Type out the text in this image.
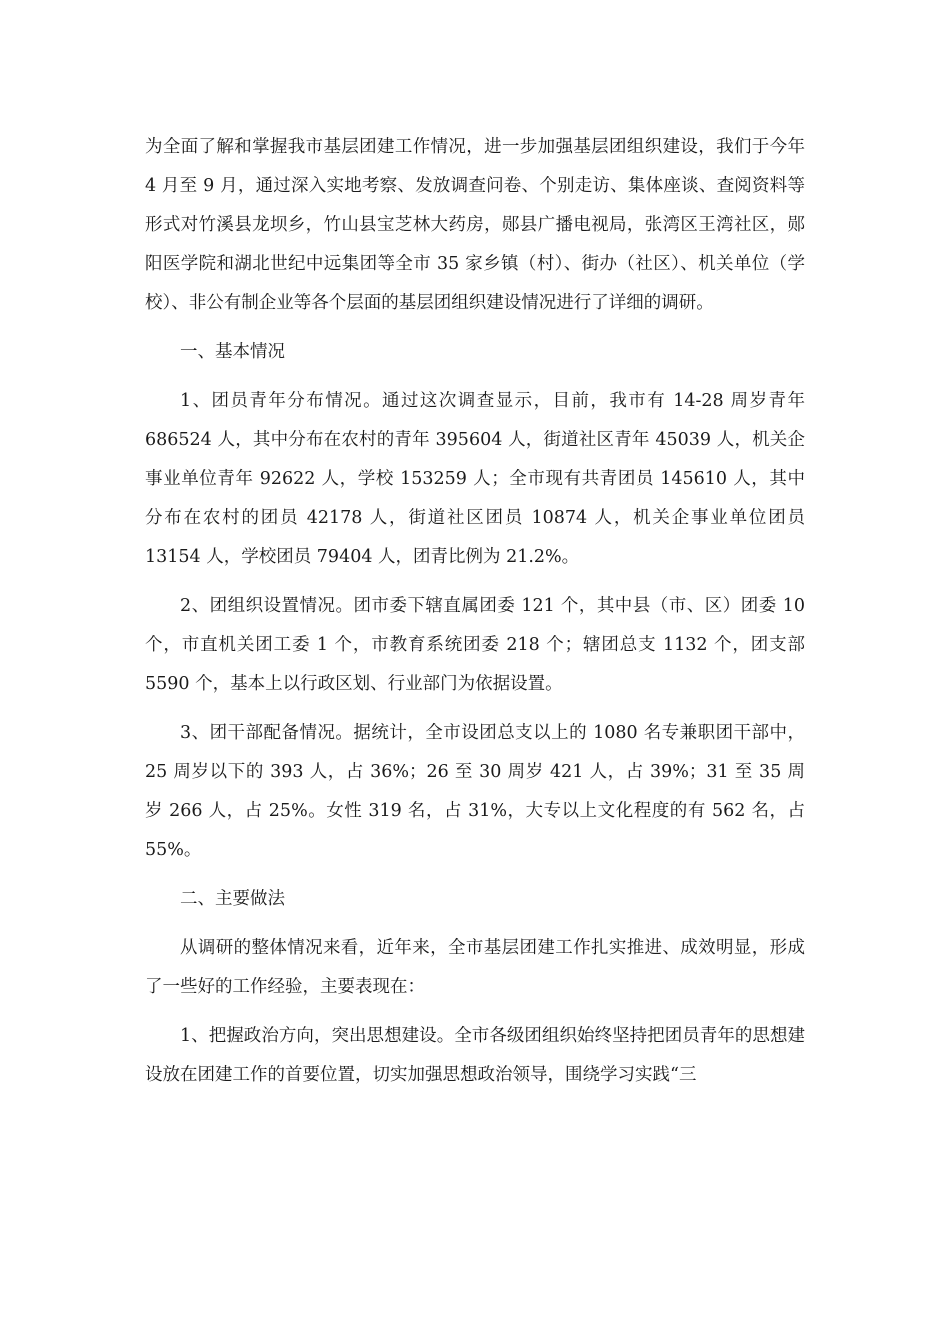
为全面了解和掌握我市基层团建工作情况，进一步加强基层团组织建设，我们于今年 4 月至 9 月，通过深入实地考察、发放调查问卷、个别走访、集体座谈、查阅资料等形式对竹溪县龙坝乡，竹山县宝芝林大药房，郧县广播电视局，张湾区王湾社区，郧阳医学院和湖北世纪中远集团等全市 35 家乡镇（村）、街办（社区）、机关单位（学校）、非公有制企业等各个层面的基层团组织建设情况进行了详细的调研。

一、基本情况

1、团员青年分布情况。通过这次调查显示，目前，我市有 14-28 周岁青年 686524 人，其中分布在农村的青年 395604 人，街道社区青年 45039 人，机关企事业单位青年 92622 人，学校 153259 人；全市现有共青团员 145610 人，其中分布在农村的团员 42178 人，街道社区团员 10874 人，机关企事业单位团员 13154 人，学校团员 79404 人，团青比例为 21.2%。

2、团组织设置情况。团市委下辖直属团委 121 个，其中县（市、区）团委 10 个，市直机关团工委 1 个，市教育系统团委 218 个；辖团总支 1132 个，团支部 5590 个，基本上以行政区划、行业部门为依据设置。

3、团干部配备情况。据统计，全市设团总支以上的 1080 名专兼职团干部中，25 周岁以下的 393 人，占 36%；26 至 30 周岁 421 人，占 39%；31 至 35 周岁 266 人，占 25%。女性 319 名，占 31%，大专以上文化程度的有 562 名，占 55%。

二、主要做法

从调研的整体情况来看，近年来，全市基层团建工作扎实推进、成效明显，形成了一些好的工作经验，主要表现在：

1、把握政治方向，突出思想建设。全市各级团组织始终坚持把团员青年的思想建设放在团建工作的首要位置，切实加强思想政治领导，围绕学习实践“三
